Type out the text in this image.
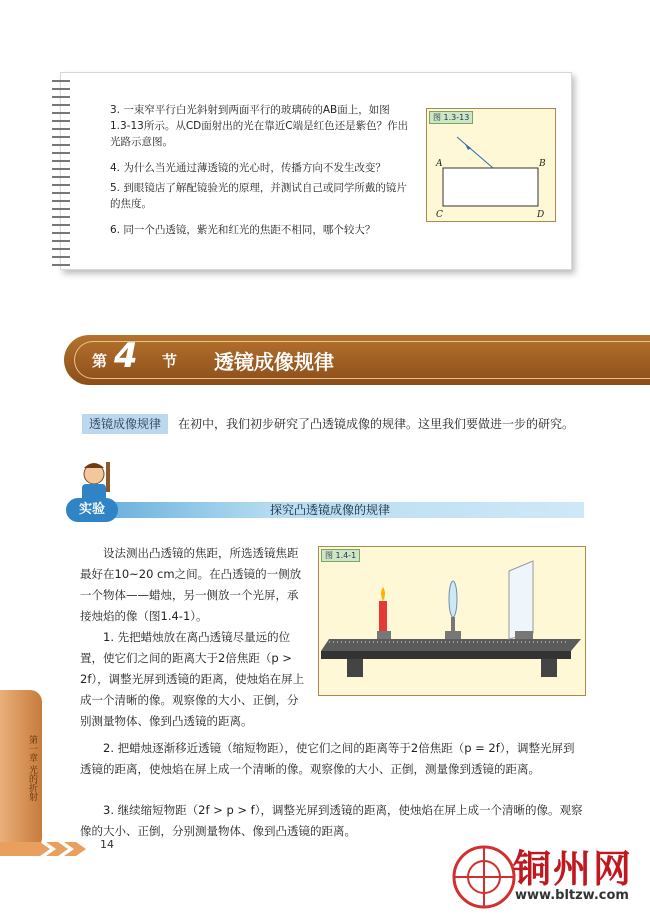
3. 一束窄平行白光斜射到两面平行的玻璃砖的AB面上，如图1.3-13所示。从CD面射出的光在靠近C端是红色还是紫色？作出光路示意图。
4. 为什么当光通过薄透镜的光心时，传播方向不发生改变？
5. 到眼镜店了解配镜验光的原理，并测试自己或同学所戴的镜片的焦度。
6. 同一个凸透镜，紫光和红光的焦距不相同，哪个较大？
图 1.3-13
A	B
C	D
第 4 节 透镜成像规律
透镜成像规律	在初中，我们初步研究了凸透镜成像的规律。这里我们要做进一步的研究。
实验	探究凸透镜成像的规律
设法测出凸透镜的焦距，所选透镜焦距最好在10~20 cm之间。在凸透镜的一侧放一个物体——蜡烛，另一侧放一个光屏，承接烛焰的像（图1.4-1）。
1. 先把蜡烛放在离凸透镜尽量远的位置，使它们之间的距离大于2倍焦距（p > 2f），调整光屏到透镜的距离，使烛焰在屏上成一个清晰的像。观察像的大小、正倒，分别测量物体、像到凸透镜的距离。
2. 把蜡烛逐渐移近透镜（缩短物距），使它们之间的距离等于2倍焦距（p = 2f），调整光屏到透镜的距离，使烛焰在屏上成一个清晰的像。观察像的大小、正倒，测量像到透镜的距离。
3. 继续缩短物距（2f > p > f），调整光屏到透镜的距离，使烛焰在屏上成一个清晰的像。观察像的大小、正倒，分别测量物体、像到凸透镜的距离。
图 1.4-1
第一章 光的折射
14
铜州网
www.bltzw.com
